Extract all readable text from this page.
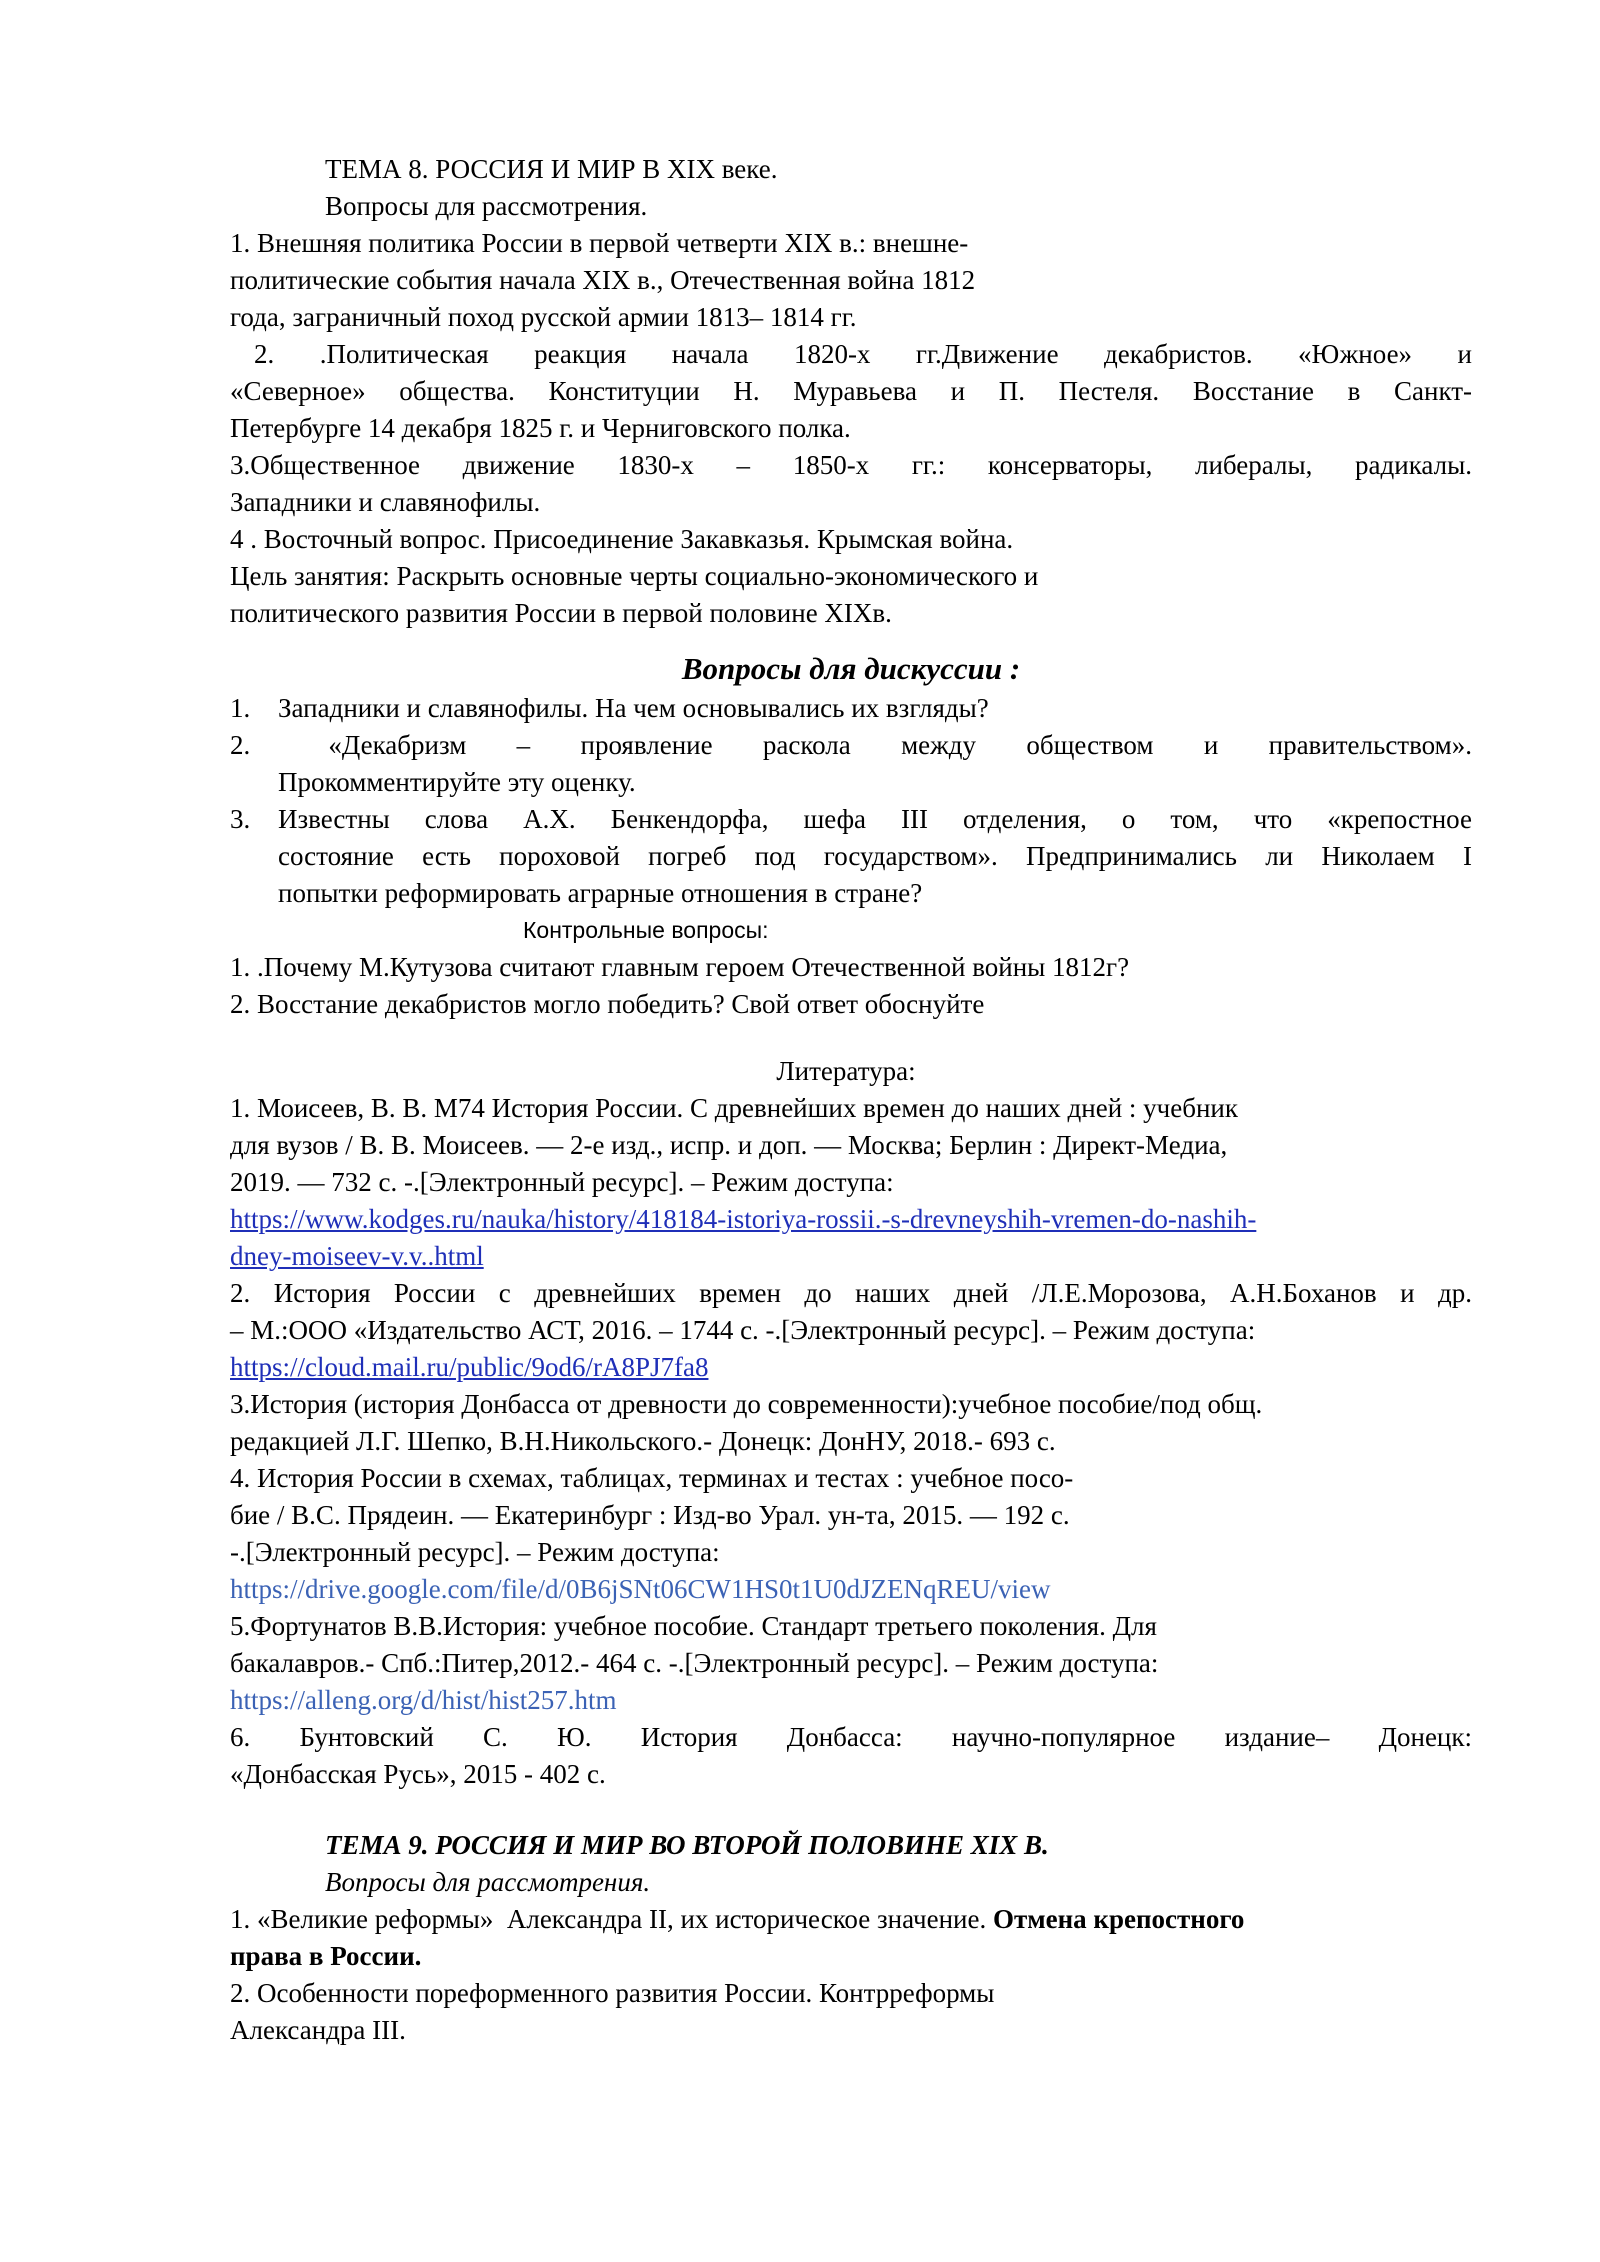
ТЕМА 8. РОССИЯ И МИР В XIX веке.
Вопросы для рассмотрения.
1. Внешняя политика России в первой четверти XIX в.: внешне-
политические события начала XIX в., Отечественная война 1812
года, заграничный поход русской армии 1813– 1814 гг.
2. .Политическая реакция начала 1820-х гг.Движение декабристов. «Южное» и
«Северное» общества. Конституции Н. Муравьева и П. Пестеля. Восстание в Санкт-
Петербурге 14 декабря 1825 г. и Черниговского полка.
3.Общественное движение 1830-х – 1850-х гг.: консерваторы, либералы, радикалы.
Западники и славянофилы.
4 . Восточный вопрос. Присоединение Закавказья. Крымская война.
Цель занятия: Раскрыть основные черты социально-экономического и
политического развития России в первой половине XIXв.
Вопросы для дискуссии :
1.	Западники и славянофилы. На чем основывались их взгляды?
2.	«Декабризм – проявление раскола между обществом и правительством».
Прокомментируйте эту оценку.
3.	Известны слова А.Х. Бенкендорфа, шефа III отделения, о том, что «крепостное
состояние есть пороховой погреб под государством». Предпринимались ли Николаем I
попытки реформировать аграрные отношения в стране?
Контрольные вопросы:
1. .Почему М.Кутузова считают главным героем Отечественной войны 1812г?
2. Восстание декабристов могло победить? Свой ответ обоснуйте
Литература:
1. Моисеев, В. В. М74 История России. С древнейших времен до наших дней : учебник
для вузов / В. В. Моисеев. — 2-е изд., испр. и доп. — Москва; Берлин : Директ-Медиа,
2019. — 732 с. -.[Электронный ресурс]. – Режим доступа:
https://www.kodges.ru/nauka/history/418184-istoriya-rossii.-s-drevneyshih-vremen-do-nashih-
dney-moiseev-v.v..html
2. История России с древнейших времен до наших дней /Л.Е.Морозова, А.Н.Боханов и др.
– М.:ООО «Издательство АСТ, 2016. – 1744 с. -.[Электронный ресурс]. – Режим доступа:
https://cloud.mail.ru/public/9od6/rA8PJ7fa8
3.История (история Донбасса от древности до современности):учебное пособие/под общ.
редакцией Л.Г. Шепко, В.Н.Никольского.- Донецк: ДонНУ, 2018.- 693 с.
4. История России в схемах, таблицах, терминах и тестах : учебное посо-
бие / В.С. Прядеин. — Екатеринбург : Изд-во Урал. ун-та, 2015. — 192 с.
-.[Электронный ресурс]. – Режим доступа:
https://drive.google.com/file/d/0B6jSNt06CW1HS0t1U0dJZENqREU/view
5.Фортунатов В.В.История: учебное пособие. Стандарт третьего поколения. Для
бакалавров.- Спб.:Питер,2012.- 464 с. -.[Электронный ресурс]. – Режим доступа:
https://alleng.org/d/hist/hist257.htm
6. Бунтовский С. Ю. История Донбасса: научно-популярное издание– Донецк:
«Донбасская Русь», 2015 - 402 с.
ТЕМА 9. РОССИЯ И МИР ВО ВТОРОЙ ПОЛОВИНЕ XIX В.
Вопросы для рассмотрения.
1. «Великие реформы»  Александра II, их историческое значение. Отмена крепостного
права в России.
2. Особенности пореформенного развития России. Контрреформы
Александра III.
